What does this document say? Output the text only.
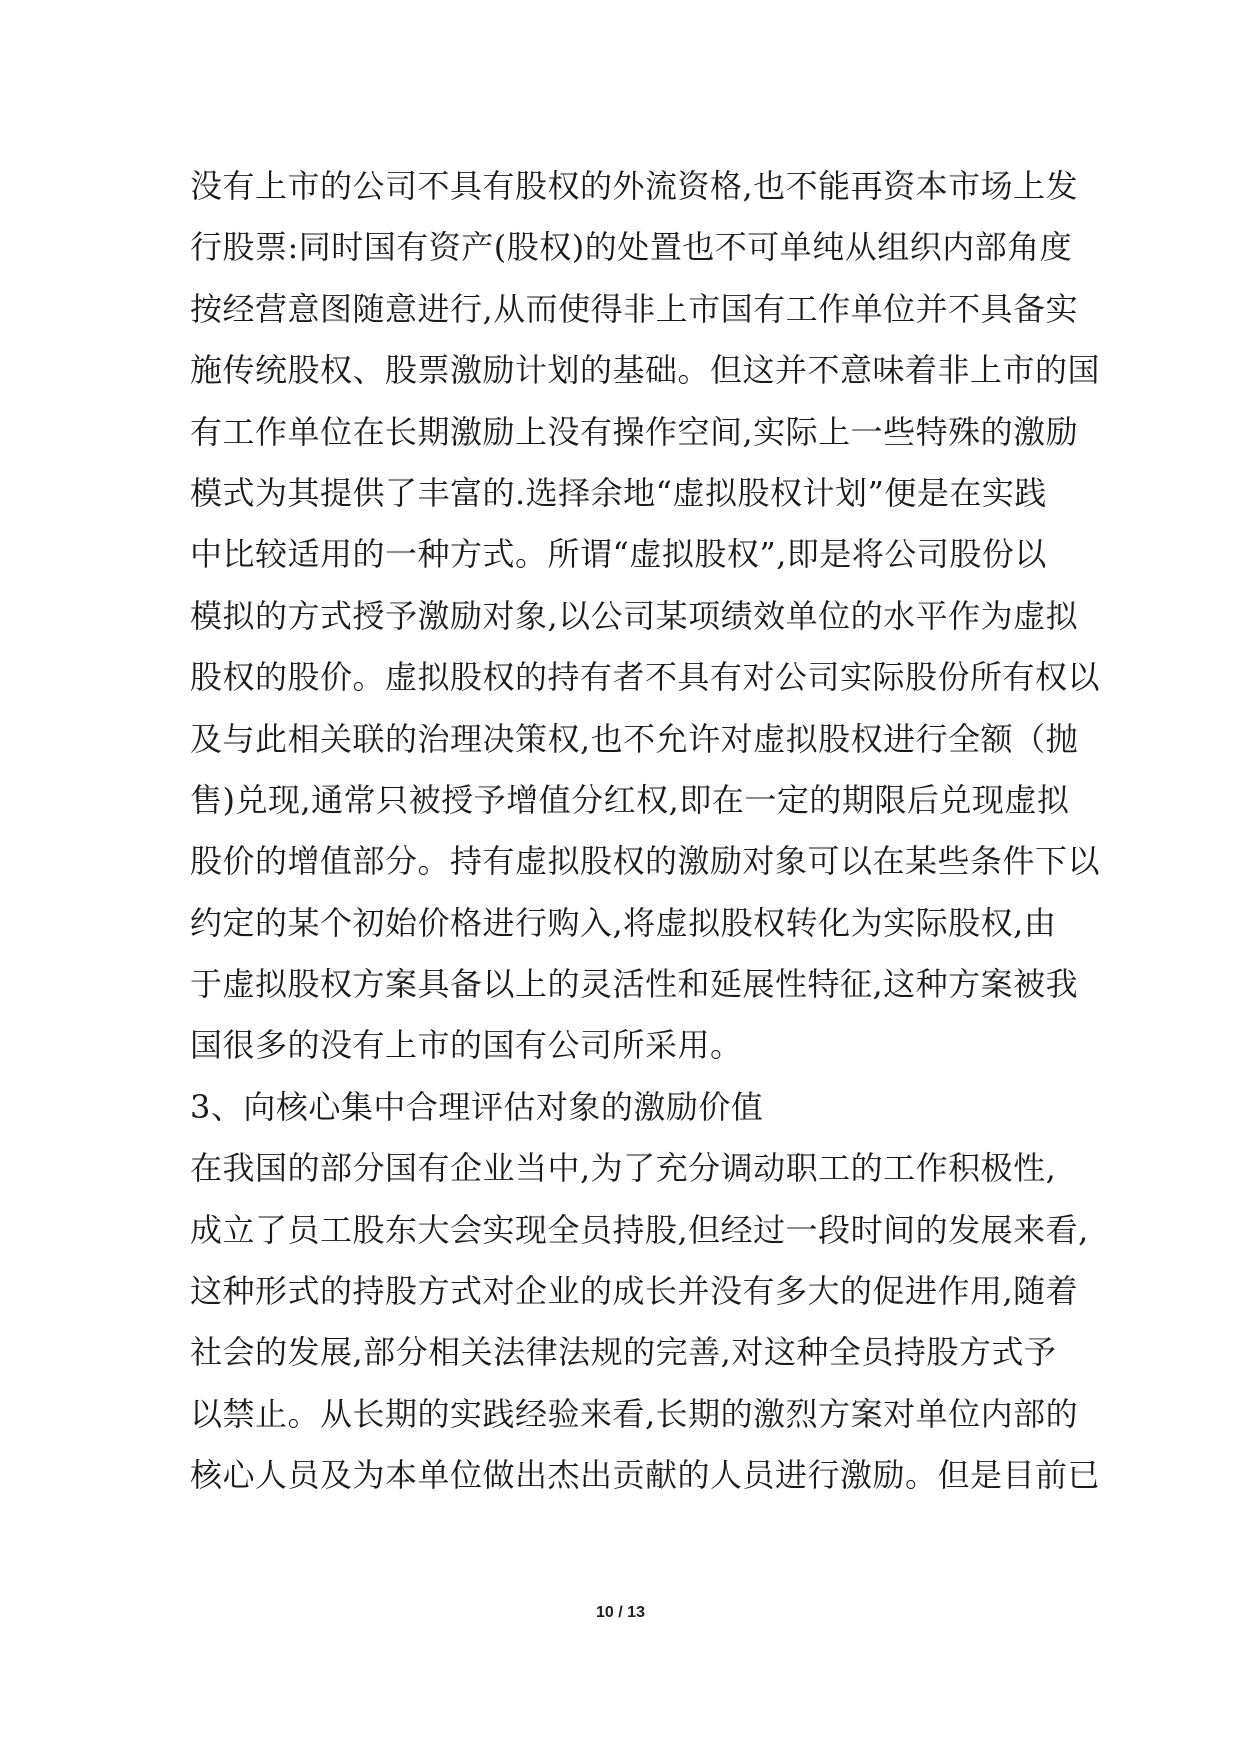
没有上市的公司不具有股权的外流资格,也不能再资本市场上发
行股票:同时国有资产(股权)的处置也不可单纯从组织内部角度
按经营意图随意进行,从而使得非上市国有工作单位并不具备实
施传统股权、股票激励计划的基础。但这并不意味着非上市的国
有工作单位在长期激励上没有操作空间,实际上一些特殊的激励
模式为其提供了丰富的.选择余地“虚拟股权计划”便是在实践
中比较适用的一种方式。所谓“虚拟股权”,即是将公司股份以
模拟的方式授予激励对象,以公司某项绩效单位的水平作为虚拟
股权的股价。虚拟股权的持有者不具有对公司实际股份所有权以
及与此相关联的治理决策权,也不允许对虚拟股权进行全额（抛
售)兑现,通常只被授予增值分红权,即在一定的期限后兑现虚拟
股价的增值部分。持有虚拟股权的激励对象可以在某些条件下以
约定的某个初始价格进行购入,将虚拟股权转化为实际股权,由
于虚拟股权方案具备以上的灵活性和延展性特征,这种方案被我
国很多的没有上市的国有公司所采用。
3、向核心集中合理评估对象的激励价值
在我国的部分国有企业当中,为了充分调动职工的工作积极性,
成立了员工股东大会实现全员持股,但经过一段时间的发展来看,
这种形式的持股方式对企业的成长并没有多大的促进作用,随着
社会的发展,部分相关法律法规的完善,对这种全员持股方式予
以禁止。从长期的实践经验来看,长期的激烈方案对单位内部的
核心人员及为本单位做出杰出贡献的人员进行激励。但是目前已
10 / 13
